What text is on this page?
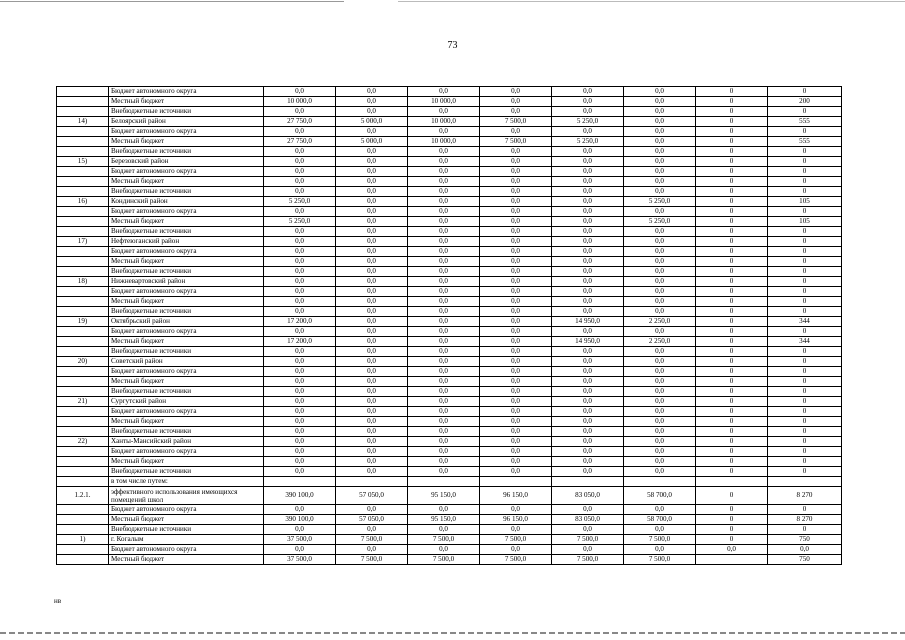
73
	Бюджет автономного округа	0,0	0,0	0,0	0,0	0,0	0,0	0	0
	Местный бюджет	10 000,0	0,0	10 000,0	0,0	0,0	0,0	0	200
	Внебюджетные источники	0,0	0,0	0,0	0,0	0,0	0,0	0	0
14)	Белоярский район	27 750,0	5 000,0	10 000,0	7 500,0	5 250,0	0,0	0	555
	Бюджет автономного округа	0,0	0,0	0,0	0,0	0,0	0,0	0	0
	Местный бюджет	27 750,0	5 000,0	10 000,0	7 500,0	5 250,0	0,0	0	555
	Внебюджетные источники	0,0	0,0	0,0	0,0	0,0	0,0	0	0
15)	Березовский район	0,0	0,0	0,0	0,0	0,0	0,0	0	0
	Бюджет автономного округа	0,0	0,0	0,0	0,0	0,0	0,0	0	0
	Местный бюджет	0,0	0,0	0,0	0,0	0,0	0,0	0	0
	Внебюджетные источники	0,0	0,0	0,0	0,0	0,0	0,0	0	0
16)	Кондинский район	5 250,0	0,0	0,0	0,0	0,0	5 250,0	0	105
	Бюджет автономного округа	0,0	0,0	0,0	0,0	0,0	0,0	0	0
	Местный бюджет	5 250,0	0,0	0,0	0,0	0,0	5 250,0	0	105
	Внебюджетные источники	0,0	0,0	0,0	0,0	0,0	0,0	0	0
17)	Нефтеюганский район	0,0	0,0	0,0	0,0	0,0	0,0	0	0
	Бюджет автономного округа	0,0	0,0	0,0	0,0	0,0	0,0	0	0
	Местный бюджет	0,0	0,0	0,0	0,0	0,0	0,0	0	0
	Внебюджетные источники	0,0	0,0	0,0	0,0	0,0	0,0	0	0
18)	Нижневартовский район	0,0	0,0	0,0	0,0	0,0	0,0	0	0
	Бюджет автономного округа	0,0	0,0	0,0	0,0	0,0	0,0	0	0
	Местный бюджет	0,0	0,0	0,0	0,0	0,0	0,0	0	0
	Внебюджетные источники	0,0	0,0	0,0	0,0	0,0	0,0	0	0
19)	Октябрьский район	17 200,0	0,0	0,0	0,0	14 950,0	2 250,0	0	344
	Бюджет автономного округа	0,0	0,0	0,0	0,0	0,0	0,0	0	0
	Местный бюджет	17 200,0	0,0	0,0	0,0	14 950,0	2 250,0	0	344
	Внебюджетные источники	0,0	0,0	0,0	0,0	0,0	0,0	0	0
20)	Советский район	0,0	0,0	0,0	0,0	0,0	0,0	0	0
	Бюджет автономного округа	0,0	0,0	0,0	0,0	0,0	0,0	0	0
	Местный бюджет	0,0	0,0	0,0	0,0	0,0	0,0	0	0
	Внебюджетные источники	0,0	0,0	0,0	0,0	0,0	0,0	0	0
21)	Сургутский район	0,0	0,0	0,0	0,0	0,0	0,0	0	0
	Бюджет автономного округа	0,0	0,0	0,0	0,0	0,0	0,0	0	0
	Местный бюджет	0,0	0,0	0,0	0,0	0,0	0,0	0	0
	Внебюджетные источники	0,0	0,0	0,0	0,0	0,0	0,0	0	0
22)	Ханты-Мансийский район	0,0	0,0	0,0	0,0	0,0	0,0	0	0
	Бюджет автономного округа	0,0	0,0	0,0	0,0	0,0	0,0	0	0
	Местный бюджет	0,0	0,0	0,0	0,0	0,0	0,0	0	0
	Внебюджетные источники	0,0	0,0	0,0	0,0	0,0	0,0	0	0
	в том числе путем:								
1.2.1.	эффективного использования имеющихся помещений школ	390 100,0	57 050,0	95 150,0	96 150,0	83 050,0	58 700,0	0	8 270
	Бюджет автономного округа	0,0	0,0	0,0	0,0	0,0	0,0	0	0
	Местный бюджет	390 100,0	57 050,0	95 150,0	96 150,0	83 050,0	58 700,0	0	8 270
	Внебюджетные источники	0,0	0,0	0,0	0,0	0,0	0,0	0	0
1)	г. Когалым	37 500,0	7 500,0	7 500,0	7 500,0	7 500,0	7 500,0	0	750
	Бюджет автономного округа	0,0	0,0	0,0	0,0	0,0	0,0	0,0	0,0
	Местный бюджет	37 500,0	7 500,0	7 500,0	7 500,0	7 500,0	7 500,0		750
нв
